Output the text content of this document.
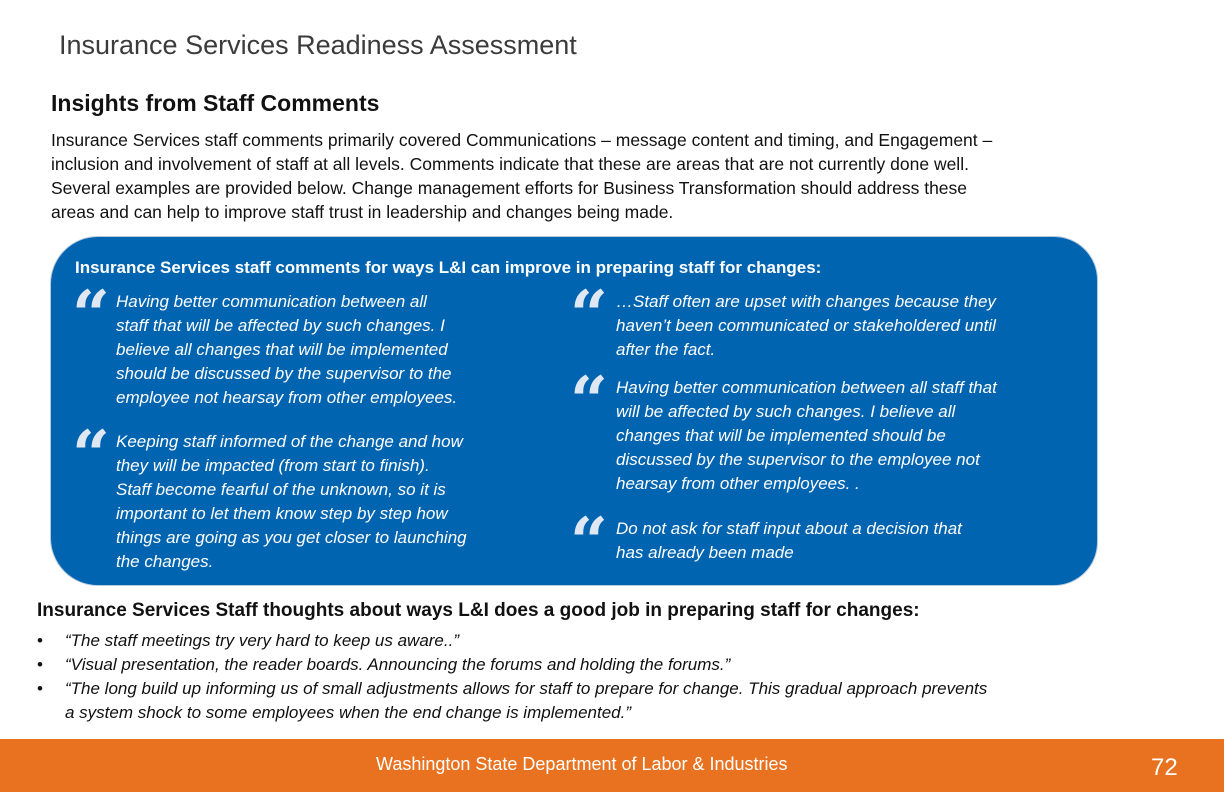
Insurance Services Readiness Assessment
Insights from Staff Comments
Insurance Services staff comments primarily covered Communications – message content and timing, and Engagement –
inclusion and involvement of staff at all levels. Comments indicate that these are areas that are not currently done well.
Several examples are provided below. Change management efforts for Business Transformation should address these
areas and can help to improve staff trust in leadership and changes being made.
Insurance Services staff comments for ways L&I can improve in preparing staff for changes:
“ Having better communication between all
staff that will be affected by such changes. I
believe all changes that will be implemented
should be discussed by the supervisor to the
employee not hearsay from other employees.
“ Keeping staff informed of the change and how
they will be impacted (from start to finish).
Staff become fearful of the unknown, so it is
important to let them know step by step how
things are going as you get closer to launching
the changes.
“ …Staff often are upset with changes because they
haven’t been communicated or stakeholdered until
after the fact.
“ Having better communication between all staff that
will be affected by such changes. I believe all
changes that will be implemented should be
discussed by the supervisor to the employee not
hearsay from other employees. .
“ Do not ask for staff input about a decision that
has already been made
Insurance Services Staff thoughts about ways L&I does a good job in preparing staff for changes:
• “The staff meetings try very hard to keep us aware..”
• “Visual presentation, the reader boards. Announcing the forums and holding the forums.”
• “The long build up informing us of small adjustments allows for staff to prepare for change. This gradual approach prevents
a system shock to some employees when the end change is implemented.”
Washington State Department of Labor & Industries	72
